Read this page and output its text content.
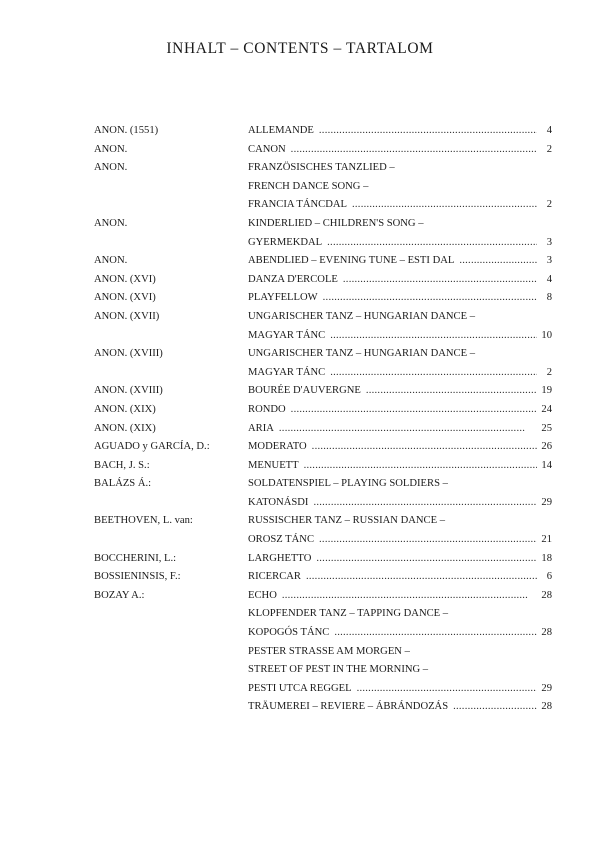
INHALT – CONTENTS – TARTALOM
ANON. (1551)	ALLEMANDE . . .	4
ANON.	CANON . . .	2
ANON.	FRANZÖSISCHES TANZLIED –
FRENCH DANCE SONG –
FRANCIA TÁNCDAL . . .	2
ANON.	KINDERLIED – CHILDREN'S SONG –
GYERMEKDAL . . .	3
ANON.	ABENDLIED – EVENING TUNE – ESTI DAL . . .	3
ANON. (XVI)	DANZA D'ERCOLE . . .	4
ANON. (XVI)	PLAYFELLOW . . .	8
ANON. (XVII)	UNGARISCHER TANZ – HUNGARIAN DANCE –
MAGYAR TÁNC . . .	10
ANON. (XVIII)	UNGARISCHER TANZ – HUNGARIAN DANCE –
MAGYAR TÁNC . . .	2
ANON. (XVIII)	BOURÉE D'AUVERGNE . . .	19
ANON. (XIX)	RONDO . . .	24
ANON. (XIX)	ARIA . . .	25
AGUADO y GARCÍA, D.:	MODERATO . . .	26
BACH, J. S.:	MENUETT . . .	14
BALÁZS Á.:	SOLDATENSPIEL – PLAYING SOLDIERS –
KATONÁSDI . . .	29
BEETHOVEN, L. van:	RUSSISCHER TANZ – RUSSIAN DANCE –
OROSZ TÁNC . . .	21
BOCCHERINI, L.:	LARGHETTO . . .	18
BOSSIENINSIS, F.:	RICERCAR . . .	6
BOZAY A.:	ECHO . . .	28
KLOPFENDER TANZ – TAPPING DANCE –
KOPOGÓS TÁNC . . .	28
PESTER STRASSE AM MORGEN –
STREET OF PEST IN THE MORNING –
PESTI UTCA REGGEL . . .	29
TRÄUMEREI – REVIERE – ÁBRÁNDOZÁS . . .	28
